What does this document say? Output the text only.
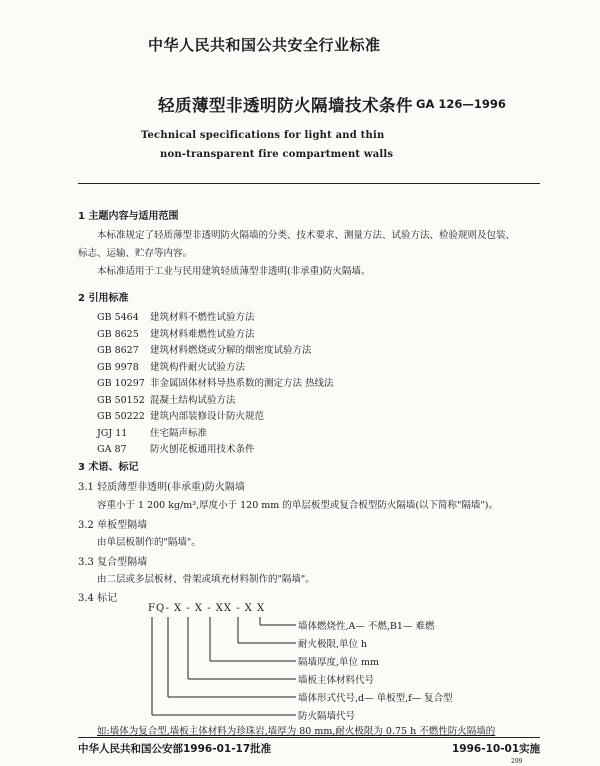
中华人民共和国公共安全行业标准
轻质薄型非透明防火隔墙技术条件 GA 126—1996
Technical specifications for light and thin
non-transparent fire compartment walls
1 主题内容与适用范围
本标准规定了轻质薄型非透明防火隔墙的分类、技术要求、测量方法、试验方法、检验规则及包装、
标志、运输、贮存等内容。
本标准适用于工业与民用建筑轻质薄型非透明(非承重)防火隔墙。
2 引用标准
GB 5464 建筑材料不燃性试验方法
GB 8625 建筑材料难燃性试验方法
GB 8627 建筑材料燃烧或分解的烟密度试验方法
GB 9978 建筑构件耐火试验方法
GB 10297 非金属固体材料导热系数的测定方法 热线法
GB 50152 混凝土结构试验方法
GB 50222 建筑内部装修设计防火规范
JGJ 11 住宅隔声标准
GA 87 防火刨花板通用技术条件
3 术语、标记
3.1 轻质薄型非透明(非承重)防火隔墙
容重小于 1 200 kg/m³,厚度小于 120 mm 的单层板型或复合板型防火隔墙(以下简称"隔墙")。
3.2 单板型隔墙
由单层板制作的"隔墙"。
3.3 复合型隔墙
由二层或多层板材、骨架或填充材料制作的"隔墙"。
3.4 标记
FQ- X - X - XX - X X
墙体燃烧性,A— 不燃,B1— 难燃
耐火极限,单位 h
隔墙厚度,单位 mm
墙板主体材料代号
墙体形式代号,d— 单板型,f— 复合型
防火隔墙代号
如:墙体为复合型,墙板主体材料为珍珠岩,墙厚为 80 mm,耐火极限为 0.75 h 不燃性防火隔墙的
中华人民共和国公安部1996-01-17批准	1996-10-01实施
299
